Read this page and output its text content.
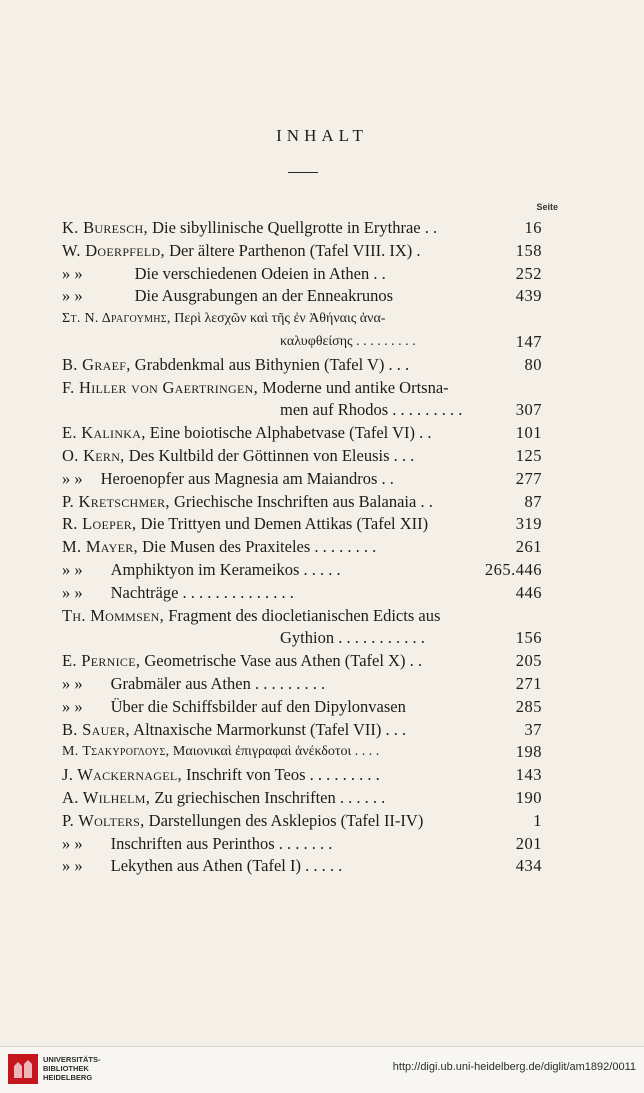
INHALT
Seite
K. Buresch, Die sibyllinische Quellgrotte in Erythrae . .	16
W. Doerpfeld, Der ältere Parthenon (Tafel VIII. IX) .	158
» »	Die verschiedenen Odeien in Athen . .	252
» »	Die Ausgrabungen an der Enneakrunos	439
Στ. Ν. Δραγουμης, Περὶ λεσχῶν καὶ τῆς ἐν Ἀθήναις ἀνα-
καλυφθείσης . . . . . . . . .	147
B. Graef, Grabdenkmal aus Bithynien (Tafel V) . . .	80
F. Hiller von Gaertringen, Moderne und antike Ortsna-
men auf Rhodos . . . . . . . . .	307
E. Kalinka, Eine boiotische Alphabetvase (Tafel VI) . .	101
O. Kern, Des Kultbild der Göttinnen von Eleusis . . .	125
» » Heroenopfer aus Magnesia am Maiandros . .	277
P. Kretschmer, Griechische Inschriften aus Balanaia . .	87
R. Loeper, Die Trittyen und Demen Attikas (Tafel XII)	319
M. Mayer, Die Musen des Praxiteles . . . . . . . .	261
» » Amphiktyon im Kerameikos . . . . .	265.446
» » Nachträge . . . . . . . . . . . . . .	446
Th. Mommsen, Fragment des diocletianischen Edicts aus
Gythion . . . . . . . . . . .	156
E. Pernice, Geometrische Vase aus Athen (Tafel X) . .	205
» » Grabmäler aus Athen . . . . . . . . .	271
» » Über die Schiffsbilder auf den Dipylonvasen	285
B. Sauer, Altnaxische Marmorkunst (Tafel VII) . . .	37
M. Τσακυρογλους, Μαιονικαὶ ἐπιγραφαὶ ἀνέκδοτοι . . . .	198
J. Wackernagel, Inschrift von Teos . . . . . . . . .	143
A. Wilhelm, Zu griechischen Inschriften . . . . . .	190
P. Wolters, Darstellungen des Asklepios (Tafel II-IV)	1
» » Inschriften aus Perinthos . . . . . . .	201
» » Lekythen aus Athen (Tafel I) . . . . .	434
UNIVERSITÄTS-
BIBLIOTHEK
HEIDELBERG
http://digi.ub.uni-heidelberg.de/diglit/am1892/0011
